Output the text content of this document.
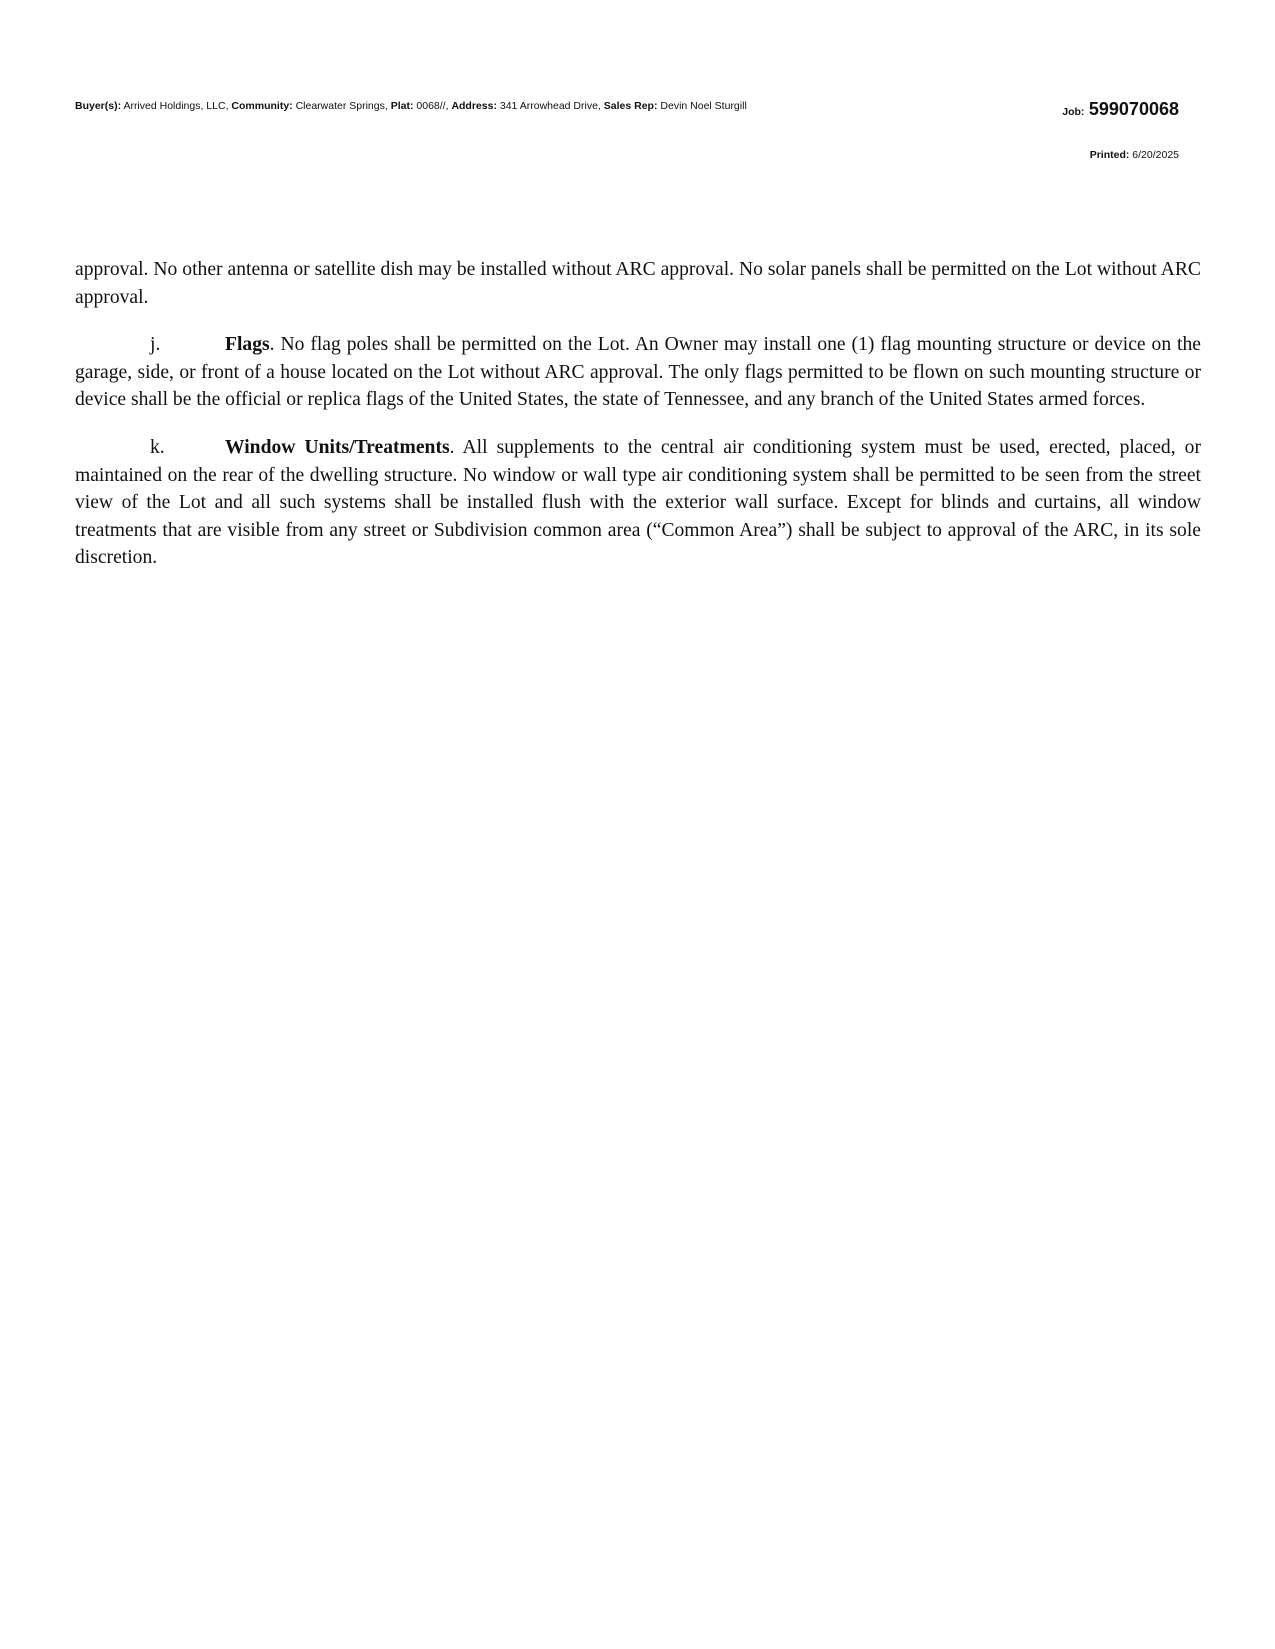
Buyer(s): Arrived Holdings, LLC, Community: Clearwater Springs, Plat: 0068//, Address: 341 Arrowhead Drive, Sales Rep: Devin Noel Sturgill	Job: 599070068
Printed: 6/20/2025

approval. No other antenna or satellite dish may be installed without ARC approval. No solar panels shall be permitted on the Lot without ARC approval.

j.	Flags. No flag poles shall be permitted on the Lot. An Owner may install one (1) flag mounting structure or device on the garage, side, or front of a house located on the Lot without ARC approval. The only flags permitted to be flown on such mounting structure or device shall be the official or replica flags of the United States, the state of Tennessee, and any branch of the United States armed forces.

k.	Window Units/Treatments. All supplements to the central air conditioning system must be used, erected, placed, or maintained on the rear of the dwelling structure. No window or wall type air conditioning system shall be permitted to be seen from the street view of the Lot and all such systems shall be installed flush with the exterior wall surface. Except for blinds and curtains, all window treatments that are visible from any street or Subdivision common area (“Common Area”) shall be subject to approval of the ARC, in its sole discretion.
